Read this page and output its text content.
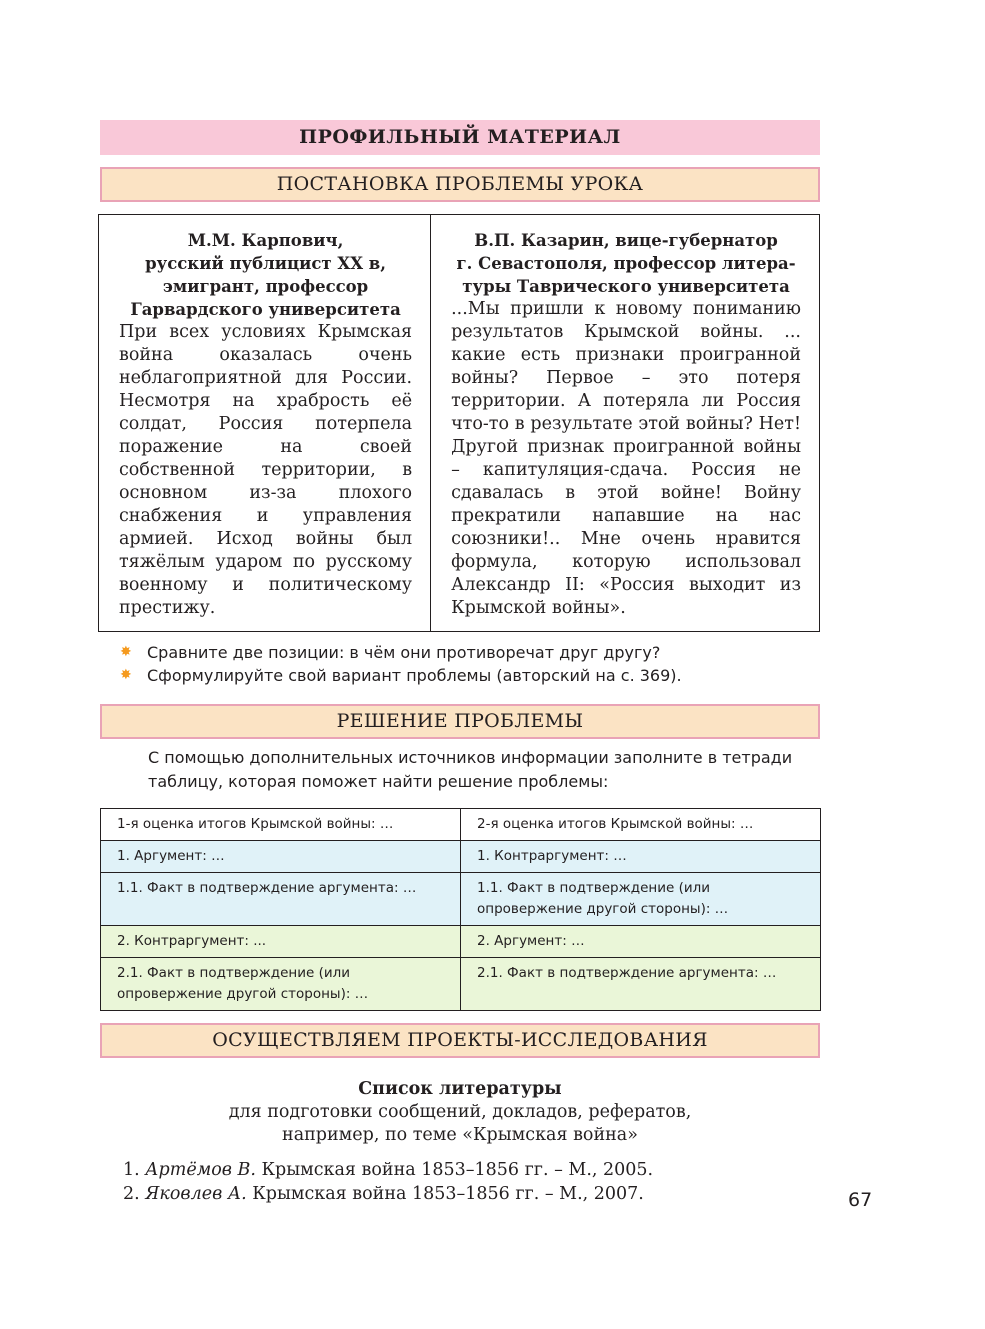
ПРОФИЛЬНЫЙ МАТЕРИАЛ
ПОСТАНОВКА ПРОБЛЕМЫ УРОКА
М.М. Карпович,
русский публицист XX в,
эмигрант, профессор
Гарвардского университета
При всех условиях Крымская война оказалась очень неблагоприятной для России. Несмотря на храбрость её солдат, Россия потерпела поражение на своей собственной территории, в основном из-за плохого снабжения и управления армией. Исход войны был тяжёлым ударом по русскому военному и политическому престижу.
В.П. Казарин, вице-губернатор
г. Севастополя, профессор литера-
туры Таврического университета
...Мы пришли к новому пониманию результатов Крымской войны. ... какие есть признаки проигранной войны? Первое – это потеря территории. А потеряла ли Россия что-то в результате этой войны? Нет! Другой признак проигранной войны – капитуляция-сдача. Россия не сдавалась в этой войне! Войну прекратили напавшие на нас союзники!.. Мне очень нравится формула, которую использовал Александр II: «Россия выходит из Крымской войны».
✸ Сравните две позиции: в чём они противоречат друг другу?
✸ Сформулируйте свой вариант проблемы (авторский на с. 369).
РЕШЕНИЕ ПРОБЛЕМЫ
С помощью дополнительных источников информации заполните в тетради таблицу, которая поможет найти решение проблемы:
1-я оценка итогов Крымской войны: …	2-я оценка итогов Крымской войны: …
1. Аргумент: …	1. Контраргумент: …
1.1. Факт в подтверждение аргумента: …	1.1. Факт в подтверждение (или опровержение другой стороны): …
2. Контраргумент: ...	2. Аргумент: …
2.1. Факт в подтверждение (или опровержение другой стороны): …	2.1. Факт в подтверждение аргумента: …
ОСУЩЕСТВЛЯЕМ ПРОЕКТЫ-ИССЛЕДОВАНИЯ
Список литературы
для подготовки сообщений, докладов, рефератов,
например, по теме «Крымская война»
1. Артёмов В. Крымская война 1853–1856 гг. – М., 2005.
2. Яковлев А. Крымская война 1853–1856 гг. – М., 2007.	67
